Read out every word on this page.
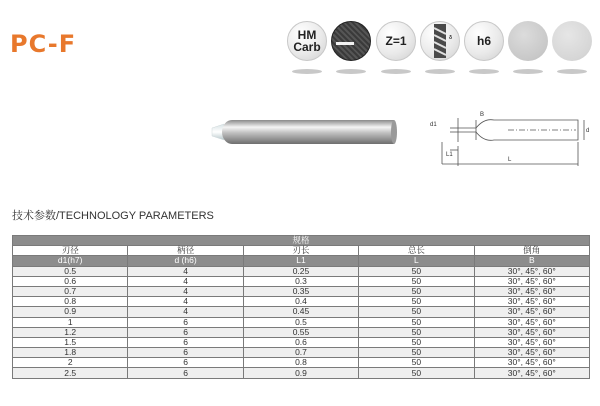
PC-F	HM
Carb	Z=1	δ h6
d1
L1
L
d
B
技术参数/TECHNOLOGY PARAMETERS
规格				
刃径	柄径	刃长	总长	倒角
d1(h7)	d (h6)	L1	L	B
0.5	4	0.25	50	30°, 45°, 60°
0.6	4	0.3	50	30°, 45°, 60°
0.7	4	0.35	50	30°, 45°, 60°
0.8	4	0.4	50	30°, 45°, 60°
0.9	4	0.45	50	30°, 45°, 60°
1	6	0.5	50	30°, 45°, 60°
1.2	6	0.55	50	30°, 45°, 60°
1.5	6	0.6	50	30°, 45°, 60°
1.8	6	0.7	50	30°, 45°, 60°
2	6	0.8	50	30°, 45°, 60°
2.5	6	0.9	50	30°, 45°, 60°
